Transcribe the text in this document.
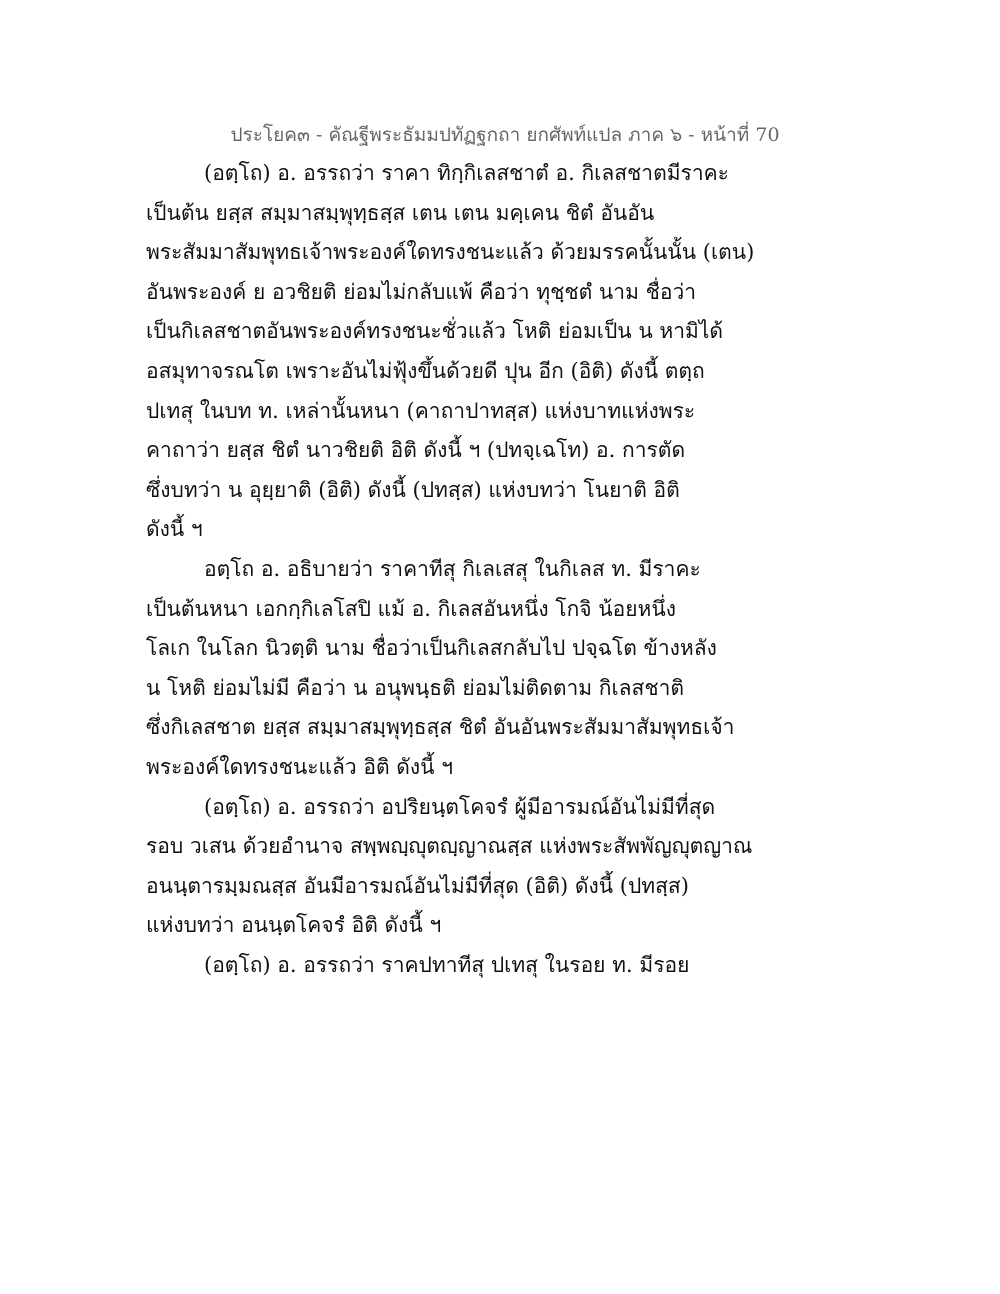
ประโยค๓ - คัณฐีพระธัมมปทัฏฐกถา ยกศัพท์แปล ภาค ๖ - หน้าที่ 70
(อตฺโถ) อ. อรรถว่า ราคา ทิกฺกิเลสชาตํ อ. กิเลสชาตมีราคะ
เป็นต้น ยสฺส สมฺมาสมฺพุทฺธสฺส เตน เตน มคฺเคน ชิตํ อันอัน
พระสัมมาสัมพุทธเจ้าพระองค์ใดทรงชนะแล้ว ด้วยมรรคนั้นนั้น (เตน)
อันพระองค์ ย อวชิยติ ย่อมไม่กลับแพ้ คือว่า ทุชฺชตํ นาม ชื่อว่า
เป็นกิเลสชาตอันพระองค์ทรงชนะชั่วแล้ว โหติ ย่อมเป็น น หามิได้
อสมุทาจรณโต เพราะอันไม่ฟุ้งขึ้นด้วยดี ปุน อีก (อิติ) ดังนี้ ตตฺถ
ปเทสุ ในบท ท. เหล่านั้นหนา (คาถาปาทสฺส) แห่งบาทแห่งพระ
คาถาว่า ยสฺส ชิตํ นาวชิยติ อิติ ดังนี้ ฯ (ปทจฺเฉโท) อ. การตัด
ซึ่งบทว่า น อุยฺยาติ (อิติ) ดังนี้ (ปทสฺส) แห่งบทว่า โนยาติ อิติ
ดังนี้ ฯ
อตฺโถ อ. อธิบายว่า ราคาทีสุ กิเลเสสุ ในกิเลส ท. มีราคะ
เป็นต้นหนา เอกกฺกิเลโสปิ แม้ อ. กิเลสอันหนึ่ง โกจิ น้อยหนึ่ง
โลเก ในโลก นิวตฺติ นาม ชื่อว่าเป็นกิเลสกลับไป ปจฺฉโต ข้างหลัง
น โหติ ย่อมไม่มี คือว่า น อนุพนฺธติ ย่อมไม่ติดตาม กิเลสชาติ
ซึ่งกิเลสชาต ยสฺส สมฺมาสมฺพุทฺธสฺส ชิตํ อันอันพระสัมมาสัมพุทธเจ้า
พระองค์ใดทรงชนะแล้ว อิติ ดังนี้ ฯ
(อตฺโถ) อ. อรรถว่า อปริยนฺตโคจรํ ผู้มีอารมณ์อันไม่มีที่สุด
รอบ วเสน ด้วยอำนาจ สพฺพญฺญุตญฺญาณสฺส แห่งพระสัพพัญญุตญาณ
อนนฺตารมฺมณสฺส อันมีอารมณ์อันไม่มีที่สุด (อิติ) ดังนี้ (ปทสฺส)
แห่งบทว่า อนนฺตโคจรํ อิติ ดังนี้ ฯ
(อตฺโถ) อ. อรรถว่า ราคปทาทีสุ ปเทสุ ในรอย ท. มีรอย
